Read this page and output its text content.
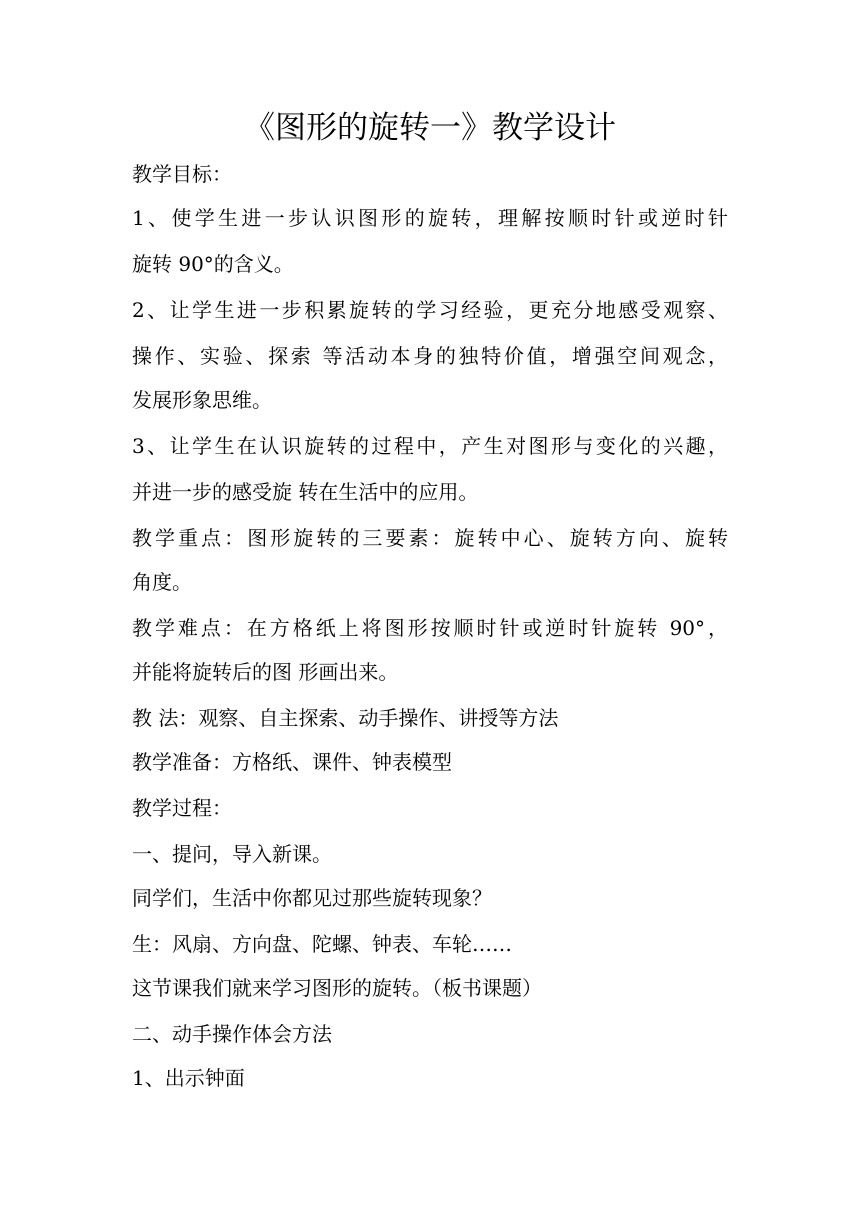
《图形的旋转一》教学设计
教学目标：
1、使学生进一步认识图形的旋转，理解按顺时针或逆时针
旋转 90°的含义。
2、让学生进一步积累旋转的学习经验，更充分地感受观察、
操作、实验、探索 等活动本身的独特价值，增强空间观念，
发展形象思维。
3、让学生在认识旋转的过程中，产生对图形与变化的兴趣，
并进一步的感受旋 转在生活中的应用。
教学重点：图形旋转的三要素：旋转中心、旋转方向、旋转
角度。
教学难点：在方格纸上将图形按顺时针或逆时针旋转 90°，
并能将旋转后的图 形画出来。
教 法：观察、自主探索、动手操作、讲授等方法
教学准备：方格纸、课件、钟表模型
教学过程：
一、提问，导入新课。
同学们，生活中你都见过那些旋转现象？
生：风扇、方向盘、陀螺、钟表、车轮……
这节课我们就来学习图形的旋转。（板书课题）
二、动手操作体会方法
1、出示钟面
